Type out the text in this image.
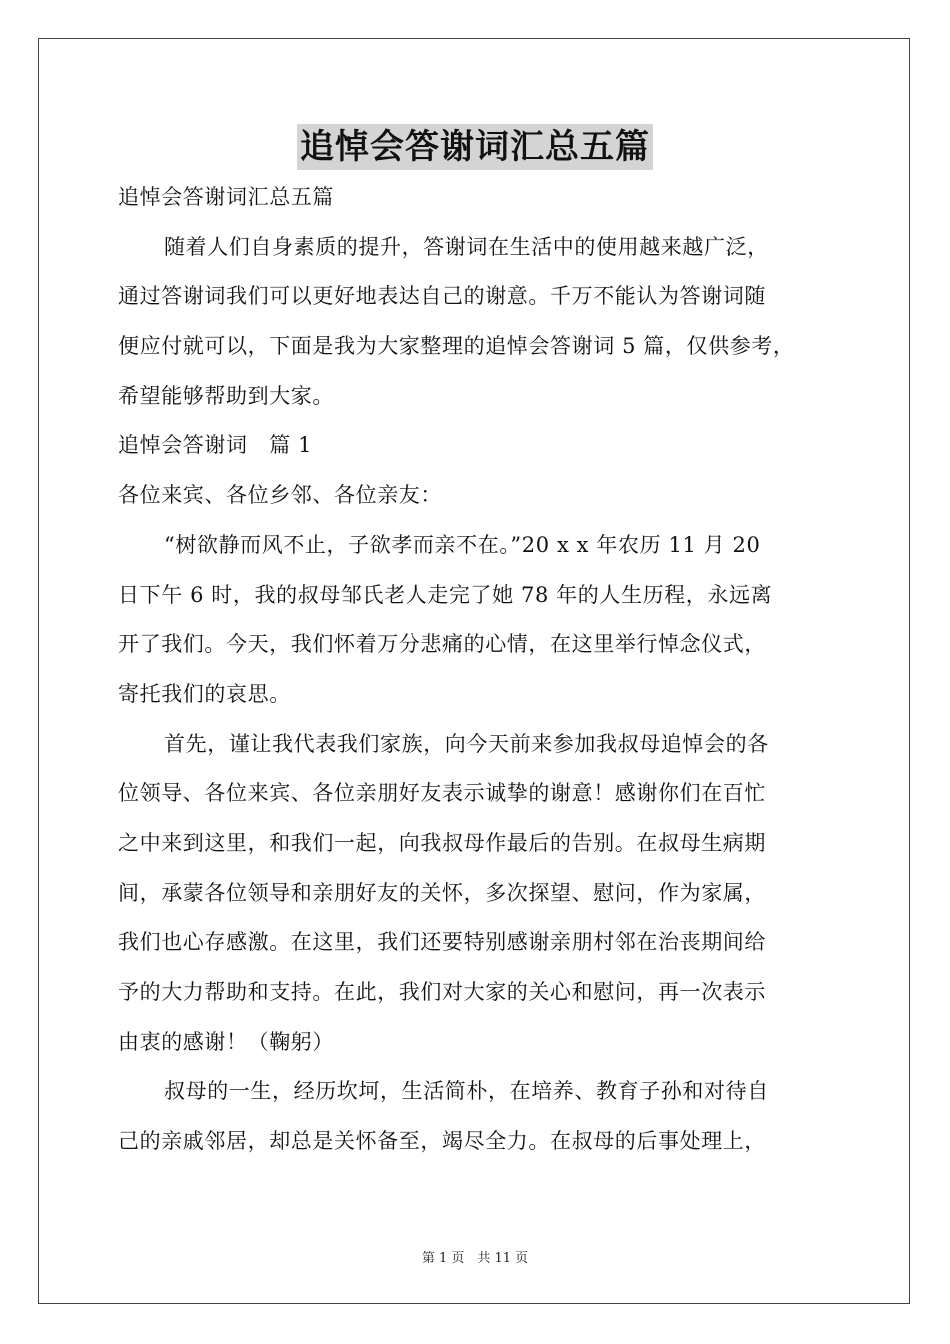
追悼会答谢词汇总五篇
追悼会答谢词汇总五篇
随着人们自身素质的提升，答谢词在生活中的使用越来越广泛，
通过答谢词我们可以更好地表达自己的谢意。千万不能认为答谢词随
便应付就可以，下面是我为大家整理的追悼会答谢词 5 篇，仅供参考，
希望能够帮助到大家。
追悼会答谢词　篇 1
各位来宾、各位乡邻、各位亲友：
“树欲静而风不止，子欲孝而亲不在。”20 x x 年农历 11 月 20
日下午 6 时，我的叔母邹氏老人走完了她 78 年的人生历程，永远离
开了我们。今天，我们怀着万分悲痛的心情，在这里举行悼念仪式，
寄托我们的哀思。
首先，谨让我代表我们家族，向今天前来参加我叔母追悼会的各
位领导、各位来宾、各位亲朋好友表示诚挚的谢意！感谢你们在百忙
之中来到这里，和我们一起，向我叔母作最后的告别。在叔母生病期
间，承蒙各位领导和亲朋好友的关怀，多次探望、慰问，作为家属，
我们也心存感激。在这里，我们还要特别感谢亲朋村邻在治丧期间给
予的大力帮助和支持。在此，我们对大家的关心和慰问，再一次表示
由衷的感谢！（鞠躬）
叔母的一生，经历坎坷，生活简朴，在培养、教育子孙和对待自
己的亲戚邻居，却总是关怀备至，竭尽全力。在叔母的后事处理上，
第 1 页　共 11 页
